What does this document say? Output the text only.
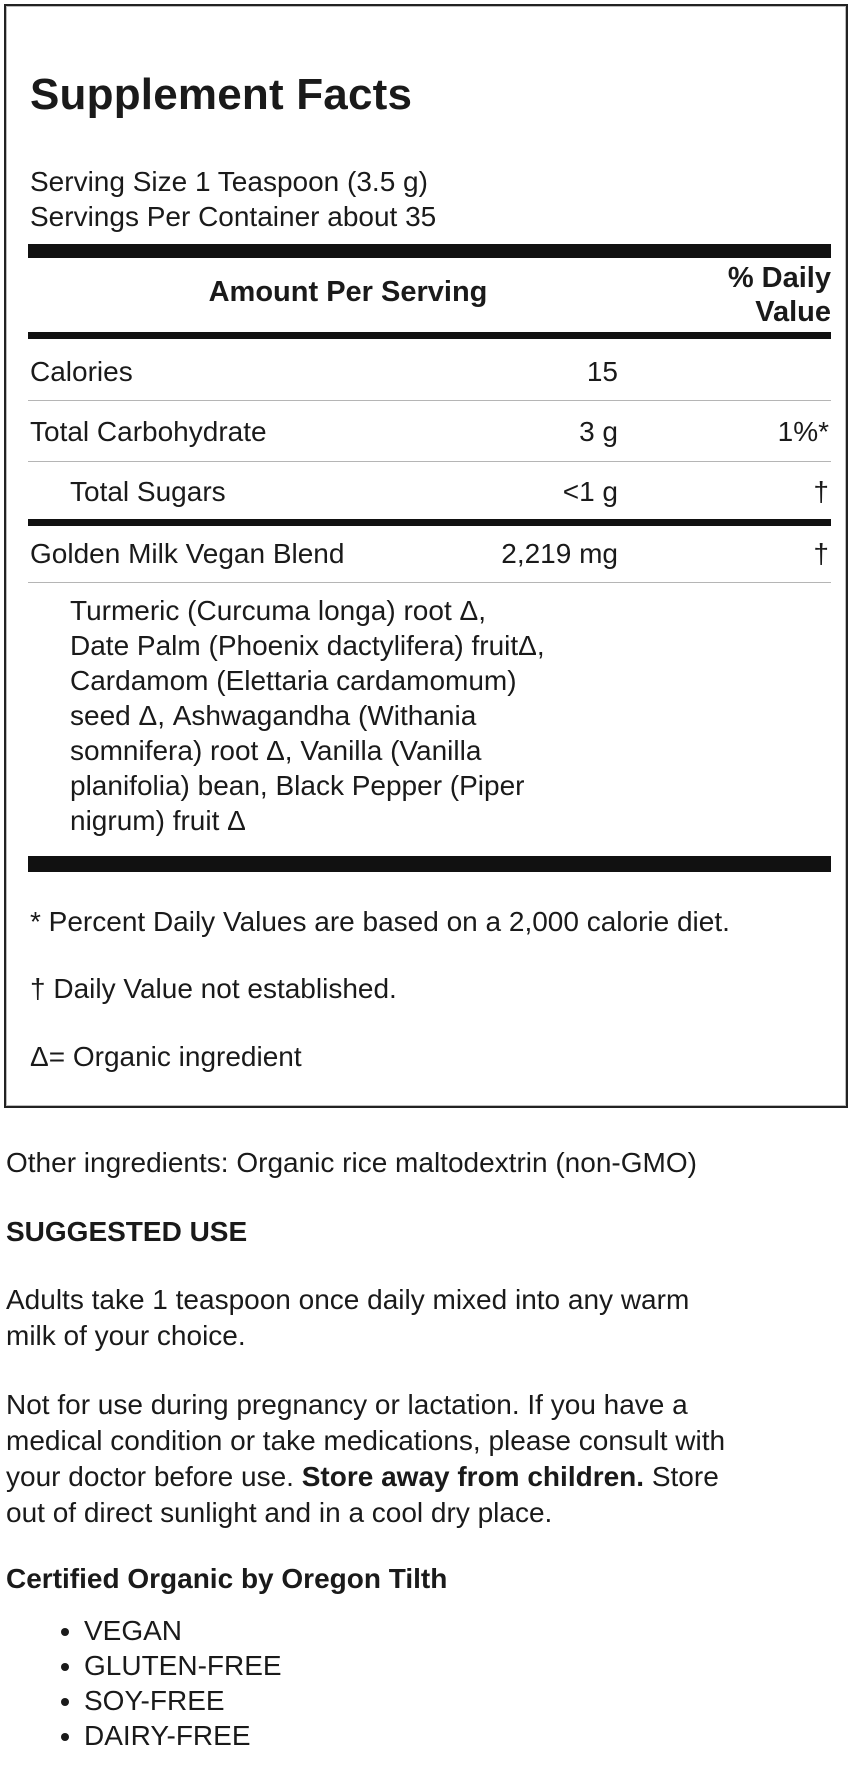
Supplement Facts
Serving Size 1 Teaspoon (3.5 g)
Servings Per Container about 35
Amount Per Serving	% Daily
Value
Calories	15
Total Carbohydrate	3 g	1%*
Total Sugars	<1 g	†
Golden Milk Vegan Blend	2,219 mg	†
Turmeric (Curcuma longa) root Δ,
Date Palm (Phoenix dactylifera) fruitΔ,
Cardamom (Elettaria cardamomum)
seed Δ, Ashwagandha (Withania
somnifera) root Δ, Vanilla (Vanilla
planifolia) bean, Black Pepper (Piper
nigrum) fruit Δ
* Percent Daily Values are based on a 2,000 calorie diet.
† Daily Value not established.
Δ= Organic ingredient
Other ingredients: Organic rice maltodextrin (non-GMO)
SUGGESTED USE
Adults take 1 teaspoon once daily mixed into any warm
milk of your choice.
Not for use during pregnancy or lactation. If you have a
medical condition or take medications, please consult with
your doctor before use. Store away from children. Store
out of direct sunlight and in a cool dry place.
Certified Organic by Oregon Tilth
• VEGAN
• GLUTEN-FREE
• SOY-FREE
• DAIRY-FREE
